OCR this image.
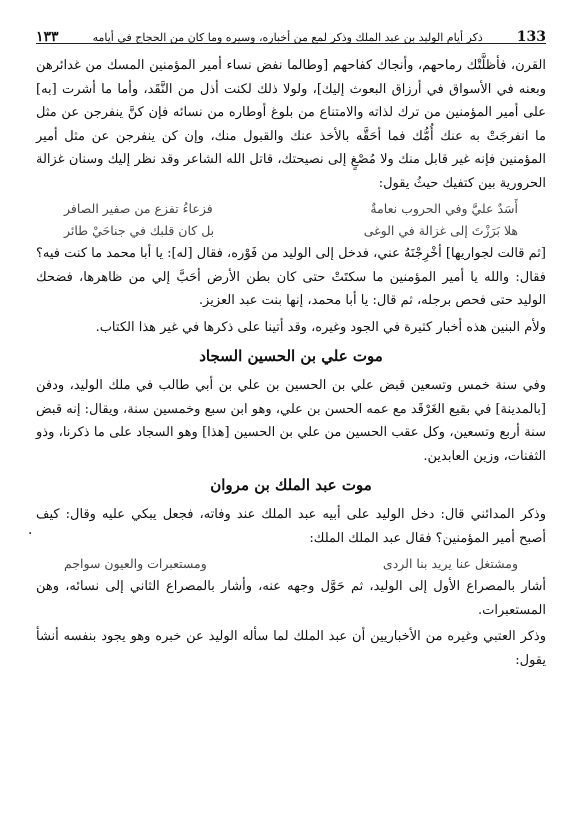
133
ذكر أيام الوليد بن عبد الملك وذكر لمع من أخباره، وسيره وما كان من الحجاج في أيامه
١٣٣

القرن، فأظلَّتْك رماحهم، وأنجاك كفاحهم [وطالما نفض نساء أمير المؤمنين المسك من غدائرهن وبعنه في الأسواق في أرزاق البعوث إليك]، ولولا ذلك لكنت أذل من النَّقَد، وأما ما أشرت [به] على أمير المؤمنين من ترك لذاته والامتناع من بلوغ أوطاره من نسائه فإن كنَّ ينفرجن عن مثل ما انفرجَتْ به عنك أُمُّك فما أحَقَّه بالأخذ عنك والقبول منك، وإن كن ينفرجن عن مثل أمير المؤمنين فإنه غير قابل منك ولا مُصْغٍ إلى نصيحتك، قاتل الله الشاعر وقد نظر إليك وسنان غزالة الحرورية بين كتفيك حيثُ يقول:

أَسَدٌ عليَّ وفي الحروب نعامةٌ
فزعاءُ تفزع من صفير الصافر
هلا بَرَزْتَ إلى غزالة في الوغى
بل كان قلبك في جناحَيْ طائر

[ثم قالت لجواريها] أخْرِجْنَهُ عني، فدخل إلى الوليد من فَوْره، فقال [له]: يا أبا محمد ما كنت فيه؟ فقال: والله يا أمير المؤمنين ما سكتَتْ حتى كان بطن الأرض أحَبَّ إلي من ظاهرها، فضحك الوليد حتى فحص برجله، ثم قال: يا أبا محمد، إنها بنت عبد العزيز.

ولأم البنين هذه أخبار كثيرة في الجود وغيره، وقد أتينا على ذكرها في غير هذا الكتاب.

موت علي بن الحسين السجاد

وفي سنة خمس وتسعين قبض علي بن الحسين بن علي بن أبي طالب في ملك الوليد، ودفن [بالمدينة] في بقيع الغَرْقَد مع عمه الحسن بن علي، وهو ابن سبع وخمسين سنة، ويقال: إنه قبض سنة أربع وتسعين، وكل عقب الحسين من علي بن الحسين [هذا] وهو السجاد على ما ذكرنا، وذو الثفنات، وزين العابدين.

موت عبد الملك بن مروان

وذكر المدائني قال: دخل الوليد على أبيه عبد الملك عند وفاته، فجعل يبكي عليه وقال: كيف أصبح أمير المؤمنين؟ فقال عبد الملك الملك:

ومشتغل عنا يريد بنا الردى
ومستعبرات والعيون سواجم

أشار بالمصراع الأول إلى الوليد، ثم حَوَّل وجهه عنه، وأشار بالمصراع الثاني إلى نسائه، وهن المستعبرات.

وذكر العتبي وغيره من الأخباريين أن عبد الملك لما سأله الوليد عن خبره وهو يجود بنفسه أنشأ يقول:

.
